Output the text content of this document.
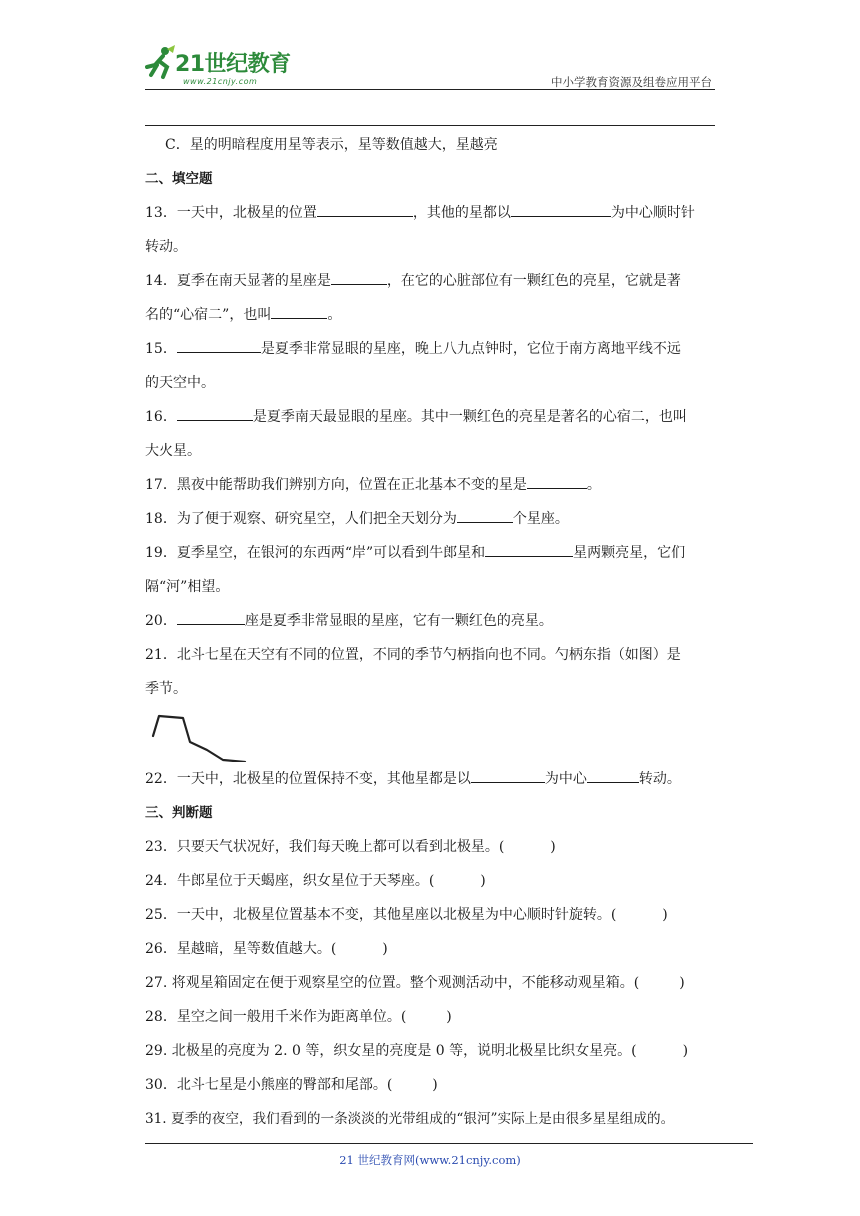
21世纪教育
www.21cnjy.com	中小学教育资源及组卷应用平台
C．星的明暗程度用星等表示，星等数值越大，星越亮
二、填空题
13．一天中，北极星的位置	，其他的星都以	为中心顺时针
转动。
14．夏季在南天显著的星座是	，在它的心脏部位有一颗红色的亮星，它就是著
名的“心宿二”，也叫	。
15．	是夏季非常显眼的星座，晚上八九点钟时，它位于南方离地平线不远
的天空中。
16．	是夏季南天最显眼的星座。其中一颗红色的亮星是著名的心宿二，也叫
大火星。
17．黑夜中能帮助我们辨别方向，位置在正北基本不变的星是	。
18．为了便于观察、研究星空，人们把全天划分为	个星座。
19．夏季星空，在银河的东西两“岸”可以看到牛郎星和	星两颗亮星，它们
隔“河”相望。
20．	座是夏季非常显眼的星座，它有一颗红色的亮星。
21．北斗七星在天空有不同的位置，不同的季节勺柄指向也不同。勺柄东指（如图）是
季节。
22．一天中，北极星的位置保持不变，其他星都是以	为中心	转动。
三、判断题
23．只要天气状况好，我们每天晚上都可以看到北极星。(	)
24．牛郎星位于天蝎座，织女星位于天琴座。(	)
25．一天中，北极星位置基本不变，其他星座以北极星为中心顺时针旋转。(	)
26．星越暗，星等数值越大。(	)
27. 将观星箱固定在便于观察星空的位置。整个观测活动中，不能移动观星箱。(	)
28．星空之间一般用千米作为距离单位。(	)
29. 北极星的亮度为 2. 0 等，织女星的亮度是 0 等，说明北极星比织女星亮。(	)
30．北斗七星是小熊座的臀部和尾部。(	)
31. 夏季的夜空，我们看到的一条淡淡的光带组成的“银河”实际上是由很多星星组成的。
21 世纪教育网(www.21cnjy.com)
